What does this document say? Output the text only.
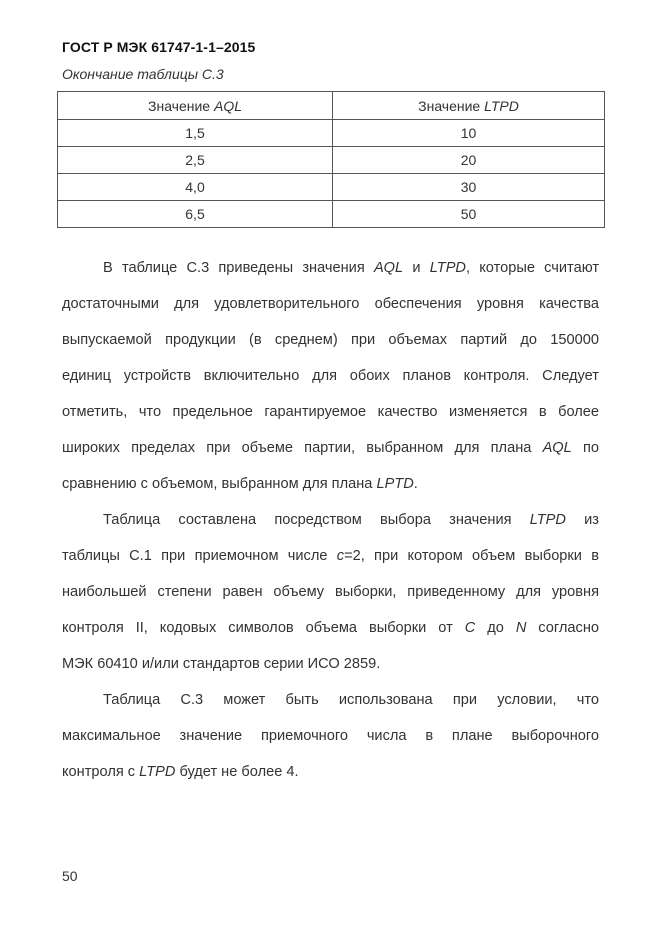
ГОСТ Р МЭК 61747-1-1–2015
Окончание таблицы С.3
Значение AQL	Значение LTPD
1,5	10
2,5	20
4,0	30
6,5	50
В таблице С.3 приведены значения AQL и LTPD, которые считают
достаточными для удовлетворительного обеспечения уровня качества
выпускаемой продукции (в среднем) при объемах партий до 150000
единиц устройств включительно для обоих планов контроля. Следует
отметить, что предельное гарантируемое качество изменяется в более
широких пределах при объеме партии, выбранном для плана AQL по
сравнению с объемом, выбранном для плана LPTD.
Таблица составлена посредством выбора значения LTPD из
таблицы С.1 при приемочном числе с=2, при котором объем выборки в
наибольшей степени равен объему выборки, приведенному для уровня
контроля II, кодовых символов объема выборки от С до N согласно
МЭК 60410 и/или стандартов серии ИСО 2859.
Таблица С.3 может быть использована при условии, что
максимальное значение приемочного числа в плане выборочного
контроля с LTPD будет не более 4.
50
